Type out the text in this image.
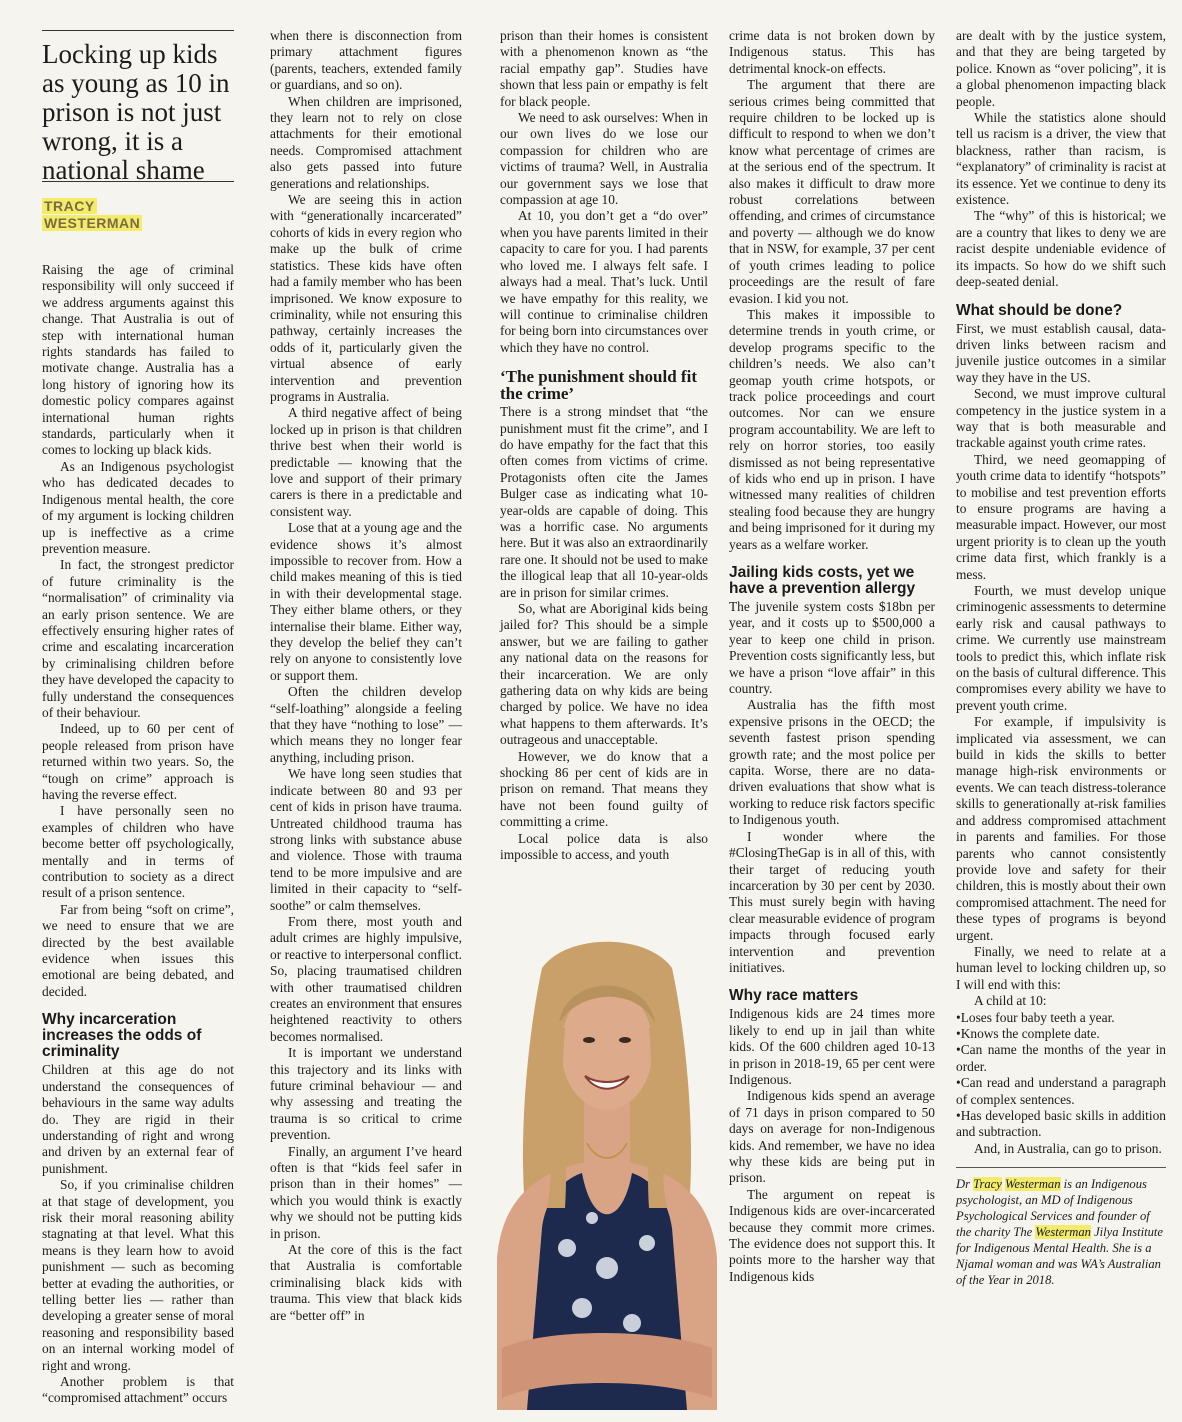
Locking up kids as young as 10 in prison is not just wrong, it is a national shame

TRACY
WESTERMAN

Raising the age of criminal responsibility will only succeed if we address arguments against this change. That Australia is out of step with international human rights standards has failed to motivate change. Australia has a long history of ignoring how its domestic policy compares against international human rights standards, particularly when it comes to locking up black kids.

As an Indigenous psychologist who has dedicated decades to Indigenous mental health, the core of my argument is locking children up is ineffective as a crime prevention measure.

In fact, the strongest predictor of future criminality is the “normalisation” of criminality via an early prison sentence. We are effectively ensuring higher rates of crime and escalating incarceration by criminalising children before they have developed the capacity to fully understand the consequences of their behaviour.

Indeed, up to 60 per cent of people released from prison have returned within two years. So, the “tough on crime” approach is having the reverse effect.

I have personally seen no examples of children who have become better off psychologically, mentally and in terms of contribution to society as a direct result of a prison sentence.

Far from being “soft on crime”, we need to ensure that we are directed by the best available evidence when issues this emotional are being debated, and decided.

Why incarceration increases the odds of criminality

Children at this age do not understand the consequences of behaviours in the same way adults do. They are rigid in their understanding of right and wrong and driven by an external fear of punishment.

So, if you criminalise children at that stage of development, you risk their moral reasoning ability stagnating at that level. What this means is they learn how to avoid punishment — such as becoming better at evading the authorities, or telling better lies — rather than developing a greater sense of moral reasoning and responsibility based on an internal working model of right and wrong.

Another problem is that “compromised attachment” occurs

when there is disconnection from primary attachment figures (parents, teachers, extended family or guardians, and so on).

When children are imprisoned, they learn not to rely on close attachments for their emotional needs. Compromised attachment also gets passed into future generations and relationships.

We are seeing this in action with “generationally incarcerated” cohorts of kids in every region who make up the bulk of crime statistics. These kids have often had a family member who has been imprisoned. We know exposure to criminality, while not ensuring this pathway, certainly increases the odds of it, particularly given the virtual absence of early intervention and prevention programs in Australia.

A third negative affect of being locked up in prison is that children thrive best when their world is predictable — knowing that the love and support of their primary carers is there in a predictable and consistent way.

Lose that at a young age and the evidence shows it’s almost impossible to recover from. How a child makes meaning of this is tied in with their developmental stage. They either blame others, or they internalise their blame. Either way, they develop the belief they can’t rely on anyone to consistently love or support them.

Often the children develop “self-loathing” alongside a feeling that they have “nothing to lose” — which means they no longer fear anything, including prison.

We have long seen studies that indicate between 80 and 93 per cent of kids in prison have trauma. Untreated childhood trauma has strong links with substance abuse and violence. Those with trauma tend to be more impulsive and are limited in their capacity to “self-soothe” or calm themselves.

From there, most youth and adult crimes are highly impulsive, or reactive to interpersonal conflict. So, placing traumatised children with other traumatised children creates an environment that ensures heightened reactivity to others becomes normalised.

It is important we understand this trajectory and its links with future criminal behaviour — and why assessing and treating the trauma is so critical to crime prevention.

Finally, an argument I’ve heard often is that “kids feel safer in prison than in their homes” — which you would think is exactly why we should not be putting kids in prison.

At the core of this is the fact that Australia is comfortable criminalising black kids with trauma. This view that black kids are “better off” in

prison than their homes is consistent with a phenomenon known as “the racial empathy gap”. Studies have shown that less pain or empathy is felt for black people.

We need to ask ourselves: When in our own lives do we lose our compassion for children who are victims of trauma? Well, in Australia our government says we lose that compassion at age 10.

At 10, you don’t get a “do over” when you have parents limited in their capacity to care for you. I had parents who loved me. I always felt safe. I always had a meal. That’s luck. Until we have empathy for this reality, we will continue to criminalise children for being born into circumstances over which they have no control.

‘The punishment should fit the crime’

There is a strong mindset that “the punishment must fit the crime”, and I do have empathy for the fact that this often comes from victims of crime. Protagonists often cite the James Bulger case as indicating what 10-year-olds are capable of doing. This was a horrific case. No arguments here. But it was also an extraordinarily rare one. It should not be used to make the illogical leap that all 10-year-olds are in prison for similar crimes.

So, what are Aboriginal kids being jailed for? This should be a simple answer, but we are failing to gather any national data on the reasons for their incarceration. We are only gathering data on why kids are being charged by police. We have no idea what happens to them afterwards. It’s outrageous and unacceptable.

However, we do know that a shocking 86 per cent of kids are in prison on remand. That means they have not been found guilty of committing a crime.

Local police data is also impossible to access, and youth

crime data is not broken down by Indigenous status. This has detrimental knock-on effects.

The argument that there are serious crimes being committed that require children to be locked up is difficult to respond to when we don’t know what percentage of crimes are at the serious end of the spectrum. It also makes it difficult to draw more robust correlations between offending, and crimes of circumstance and poverty — although we do know that in NSW, for example, 37 per cent of youth crimes leading to police proceedings are the result of fare evasion. I kid you not.

This makes it impossible to determine trends in youth crime, or develop programs specific to the children’s needs. We also can’t geomap youth crime hotspots, or track police proceedings and court outcomes. Nor can we ensure program accountability. We are left to rely on horror stories, too easily dismissed as not being representative of kids who end up in prison. I have witnessed many realities of children stealing food because they are hungry and being imprisoned for it during my years as a welfare worker.

Jailing kids costs, yet we have a prevention allergy

The juvenile system costs $18bn per year, and it costs up to $500,000 a year to keep one child in prison. Prevention costs significantly less, but we have a prison “love affair” in this country.

Australia has the fifth most expensive prisons in the OECD; the seventh fastest prison spending growth rate; and the most police per capita. Worse, there are no data-driven evaluations that show what is working to reduce risk factors specific to Indigenous youth.

I wonder where the #ClosingTheGap is in all of this, with their target of reducing youth incarceration by 30 per cent by 2030. This must surely begin with having clear measurable evidence of program impacts through focused early intervention and prevention initiatives.

Why race matters

Indigenous kids are 24 times more likely to end up in jail than white kids. Of the 600 children aged 10-13 in prison in 2018-19, 65 per cent were Indigenous.

Indigenous kids spend an average of 71 days in prison compared to 50 days on average for non-Indigenous kids. And remember, we have no idea why these kids are being put in prison.

The argument on repeat is Indigenous kids are over-incarcerated because they commit more crimes. The evidence does not support this. It points more to the harsher way that Indigenous kids

are dealt with by the justice system, and that they are being targeted by police. Known as “over policing”, it is a global phenomenon impacting black people.

While the statistics alone should tell us racism is a driver, the view that blackness, rather than racism, is “explanatory” of criminality is racist at its essence. Yet we continue to deny its existence.

The “why” of this is historical; we are a country that likes to deny we are racist despite undeniable evidence of its impacts. So how do we shift such deep-seated denial.

What should be done?

First, we must establish causal, data-driven links between racism and juvenile justice outcomes in a similar way they have in the US.

Second, we must improve cultural competency in the justice system in a way that is both measurable and trackable against youth crime rates.

Third, we need geomapping of youth crime data to identify “hotspots” to mobilise and test prevention efforts to ensure programs are having a measurable impact. However, our most urgent priority is to clean up the youth crime data first, which frankly is a mess.

Fourth, we must develop unique criminogenic assessments to determine early risk and causal pathways to crime. We currently use mainstream tools to predict this, which inflate risk on the basis of cultural difference. This compromises every ability we have to prevent youth crime.

For example, if impulsivity is implicated via assessment, we can build in kids the skills to better manage high-risk environments or events. We can teach distress-tolerance skills to generationally at-risk families and address compromised attachment in parents and families. For those parents who cannot consistently provide love and safety for their children, this is mostly about their own compromised attachment. The need for these types of programs is beyond urgent.

Finally, we need to relate at a human level to locking children up, so I will end with this:

A child at 10:

• Loses four baby teeth a year.
• Knows the complete date.
• Can name the months of the year in order.
• Can read and understand a paragraph of complex sentences.
• Has developed basic skills in addition and subtraction.

And, in Australia, can go to prison.

Dr Tracy Westerman is an Indigenous psychologist, an MD of Indigenous Psychological Services and founder of the charity The Westerman Jilya Institute for Indigenous Mental Health. She is a Njamal woman and was WA’s Australian of the Year in 2018.
